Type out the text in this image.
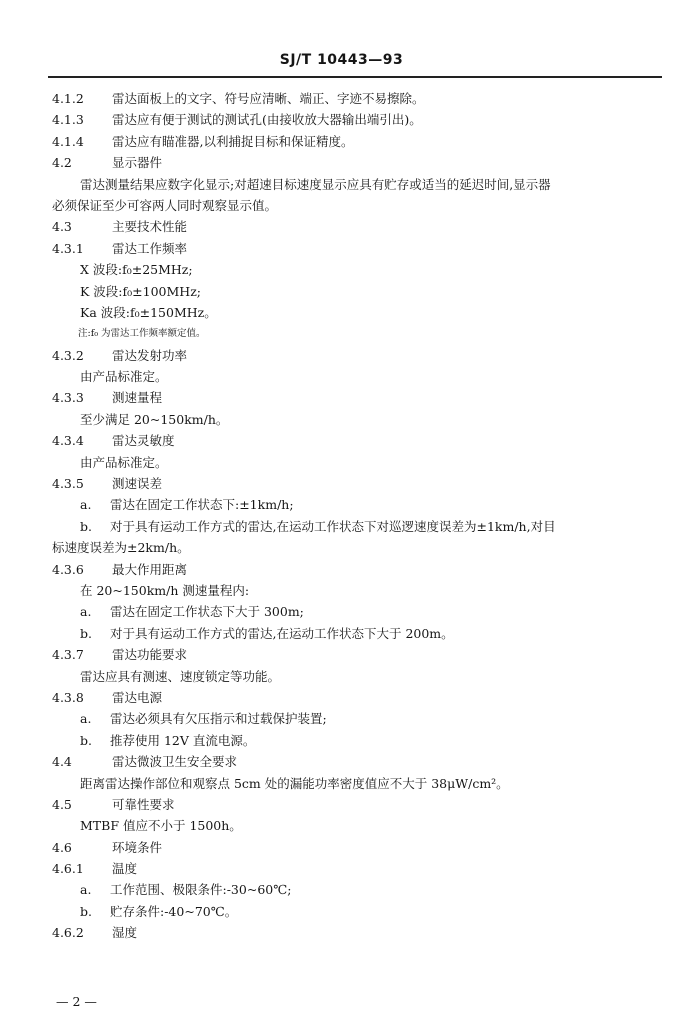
SJ/T 10443—93
4.1.2 雷达面板上的文字、符号应清晰、端正、字迹不易擦除。
4.1.3 雷达应有便于测试的测试孔(由接收放大器输出端引出)。
4.1.4 雷达应有瞄准器,以利捕捉目标和保证精度。
4.2	显示器件
雷达测量结果应数字化显示;对超速目标速度显示应具有贮存或适当的延迟时间,显示器
必须保证至少可容两人同时观察显示值。
4.3	主要技术性能
4.3.1 雷达工作频率
X 波段:f₀±25MHz;
K 波段:f₀±100MHz;
Ka 波段:f₀±150MHz。
注:f₀ 为雷达工作频率额定值。
4.3.2 雷达发射功率
由产品标准定。
4.3.3 测速量程
至少满足 20~150km/h。
4.3.4 雷达灵敏度
由产品标准定。
4.3.5 测速误差
a. 雷达在固定工作状态下:±1km/h;
b. 对于具有运动工作方式的雷达,在运动工作状态下对巡逻速度误差为±1km/h,对目
标速度误差为±2km/h。
4.3.6 最大作用距离
在 20~150km/h 测速量程内:
a. 雷达在固定工作状态下大于 300m;
b. 对于具有运动工作方式的雷达,在运动工作状态下大于 200m。
4.3.7 雷达功能要求
雷达应具有测速、速度锁定等功能。
4.3.8 雷达电源
a. 雷达必须具有欠压指示和过载保护装置;
b. 推荐使用 12V 直流电源。
4.4	雷达微波卫生安全要求
距离雷达操作部位和观察点 5cm 处的漏能功率密度值应不大于 38μW/cm²。
4.5	可靠性要求
MTBF 值应不小于 1500h。
4.6	环境条件
4.6.1 温度
a. 工作范围、极限条件:-30~60℃;
b. 贮存条件:-40~70℃。
4.6.2 湿度
— 2 —
